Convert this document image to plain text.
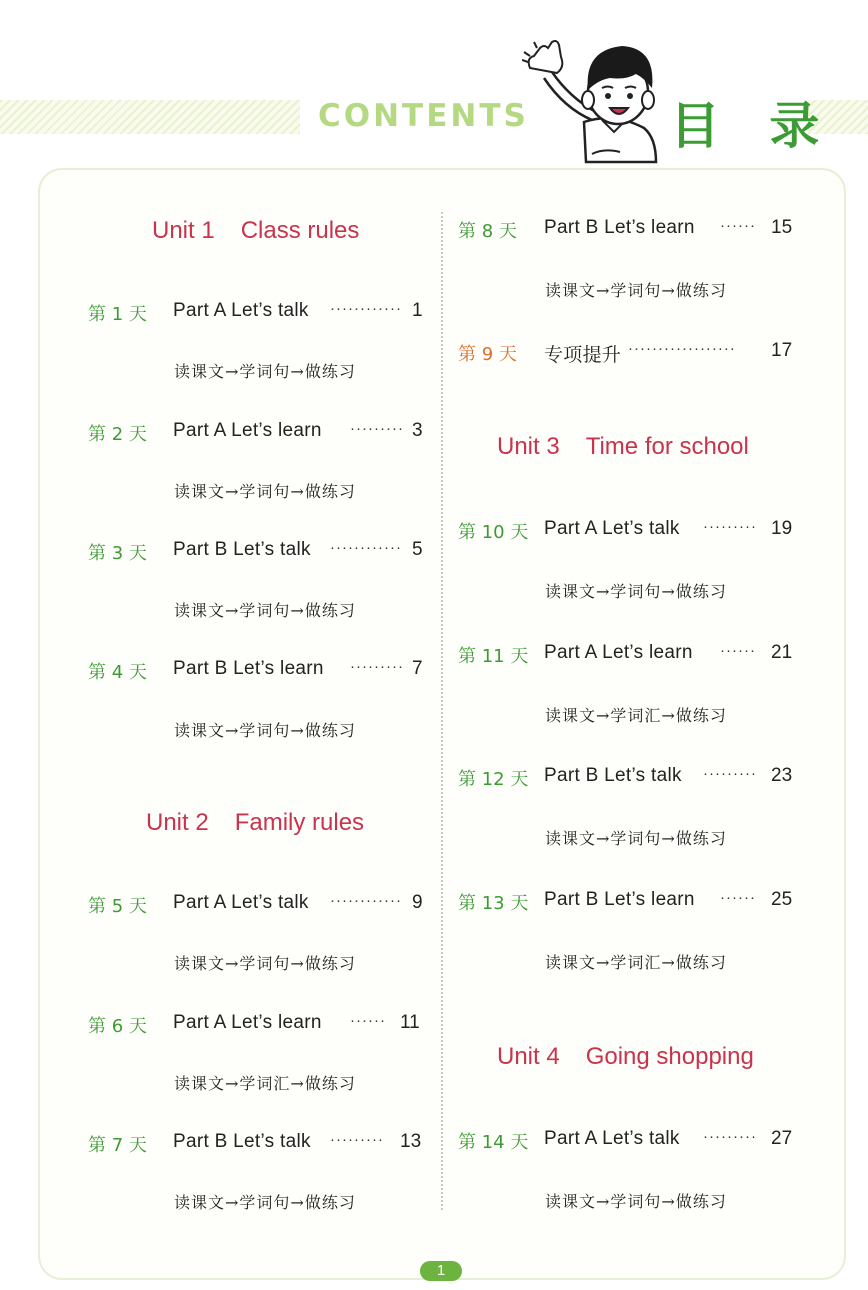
CONTENTS	目 录
Unit 1 Class rules
Unit 2 Family rules
Unit 3 Time for school
Unit 4 Going shopping
第 1 天 Part A Let’s talk ············ 1
读课文→学词句→做练习
第 2 天 Part A Let’s learn ········· 3
读课文→学词句→做练习
第 3 天 Part B Let’s talk ············ 5
读课文→学词句→做练习
第 4 天 Part B Let’s learn ········· 7
读课文→学词句→做练习
第 5 天 Part A Let’s talk ············ 9
读课文→学词句→做练习
第 6 天 Part A Let’s learn ······ 11
读课文→学词汇→做练习
第 7 天 Part B Let’s talk ········· 13
读课文→学词句→做练习
第 8 天 Part B Let’s learn ······ 15
读课文→学词句→做练习
第 9 天 专项提升 ·················· 17
第 10 天 Part A Let’s talk ········· 19
读课文→学词句→做练习
第 11 天 Part A Let’s learn ······ 21
读课文→学词汇→做练习
第 12 天 Part B Let’s talk ········· 23
读课文→学词句→做练习
第 13 天 Part B Let’s learn ······ 25
读课文→学词汇→做练习
第 14 天 Part A Let’s talk ········· 27
读课文→学词句→做练习
1
